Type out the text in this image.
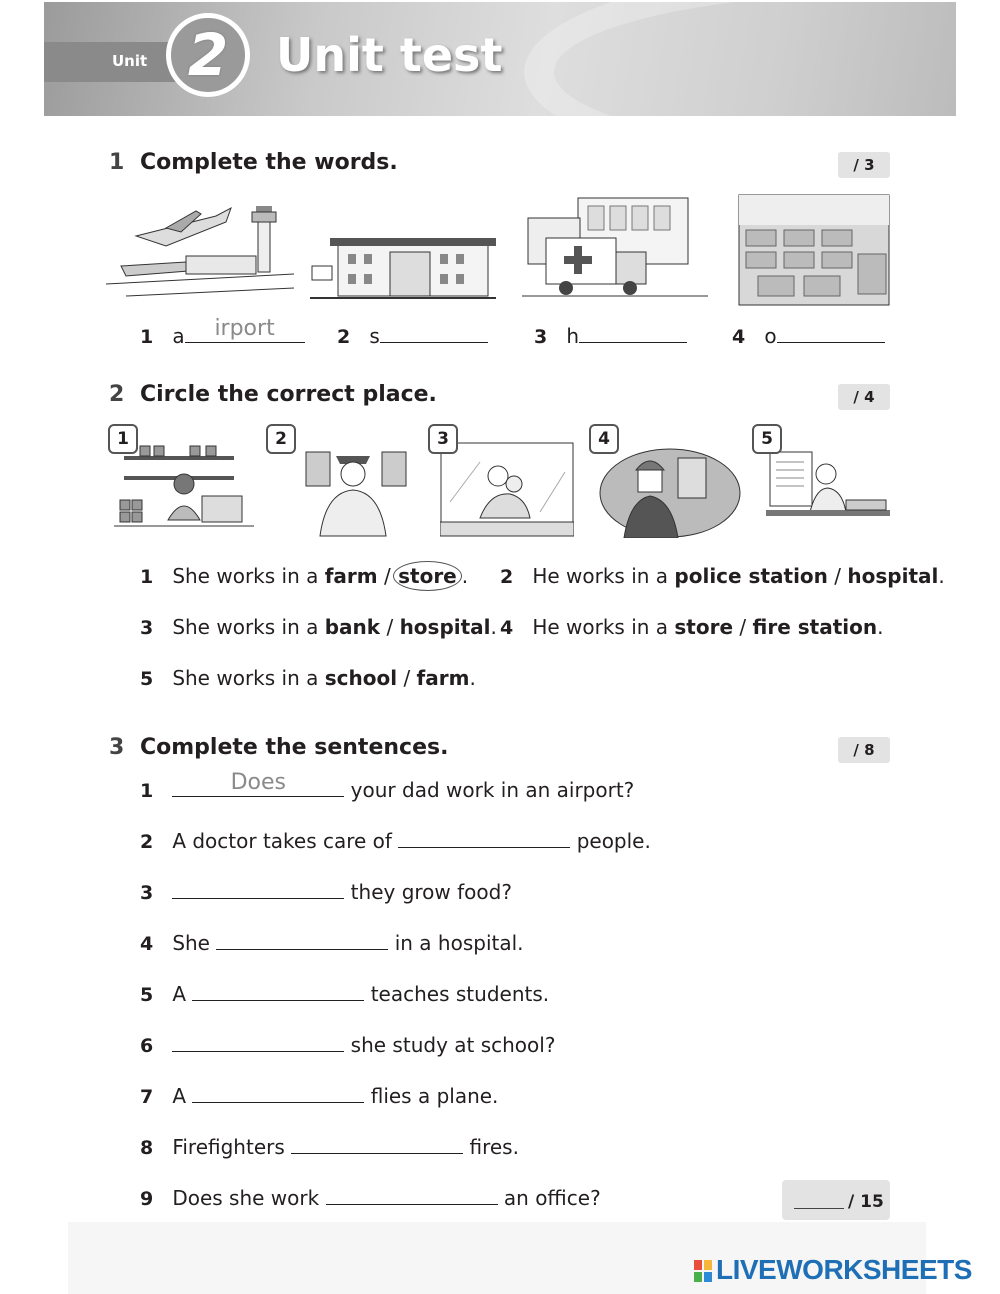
Unit 2	Unit test
1 Complete the words.	/ 3
1 a	irport	2 s	3 h	4 o
2 Circle the correct place.	/ 4
1	2	3	4	5
1 She works in a farm / store . 2 He works in a police station / hospital.
3 She works in a bank / hospital. 4 He works in a store / fire station.
5 She works in a school / farm.
3 Complete the sentences.	/ 8
1	Does	your dad work in an airport?
2 A doctor takes care of	people.
3	they grow food?
4 She	in a hospital.
5 A	teaches students.
6	she study at school?
7 A	flies a plane.
8 Firefighters	fires.
9 Does she work	an office?	/ 15
LIVEWORKSHEETS
